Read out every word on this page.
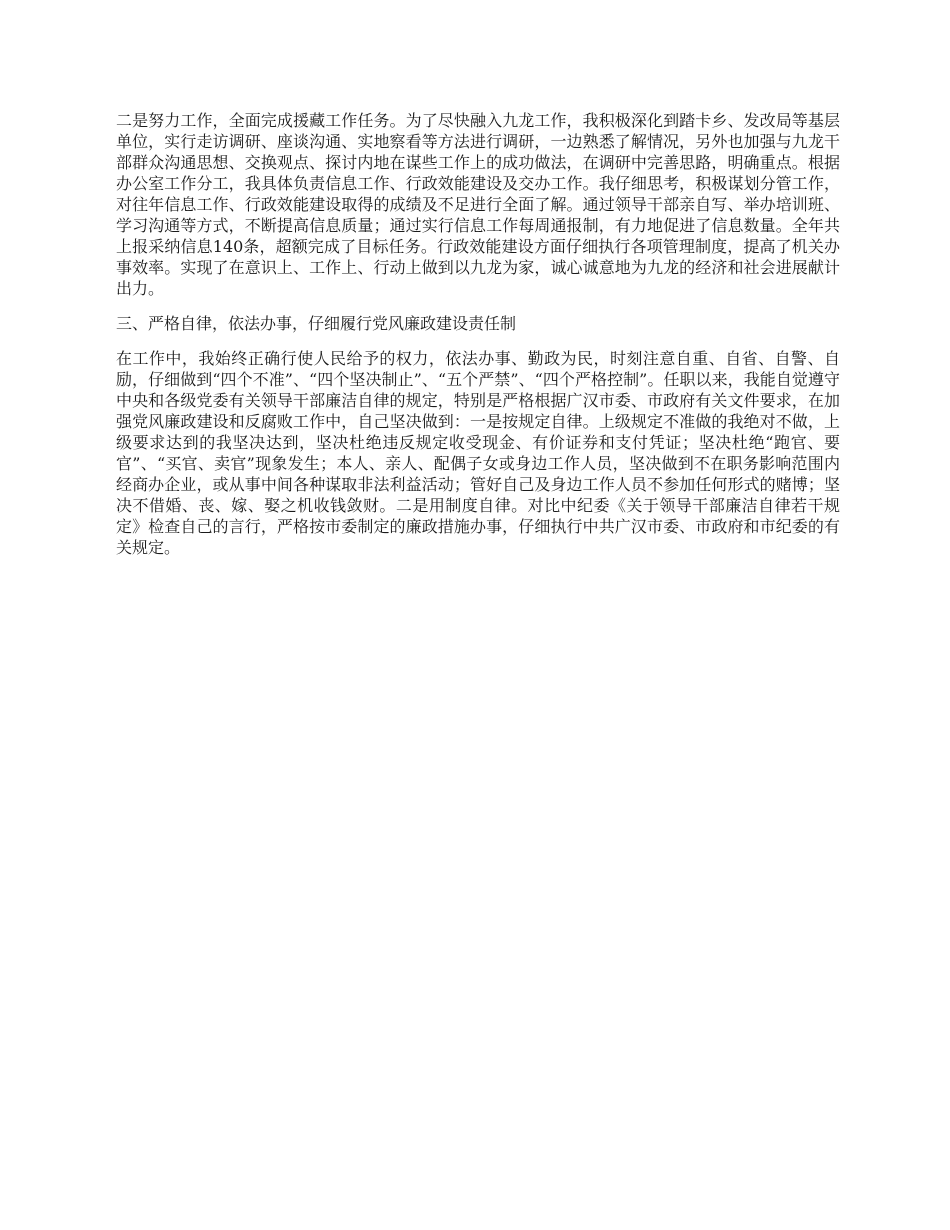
二是努力工作，全面完成援藏工作任务。为了尽快融入九龙工作，我积极深化到踏卡乡、发改局等基层单位，实行走访调研、座谈沟通、实地察看等方法进行调研，一边熟悉了解情况，另外也加强与九龙干部群众沟通思想、交换观点、探讨内地在谋些工作上的成功做法，在调研中完善思路，明确重点。根据办公室工作分工，我具体负责信息工作、行政效能建设及交办工作。我仔细思考，积极谋划分管工作，对往年信息工作、行政效能建设取得的成绩及不足进行全面了解。通过领导干部亲自写、举办培训班、学习沟通等方式，不断提高信息质量；通过实行信息工作每周通报制，有力地促进了信息数量。全年共上报采纳信息140条，超额完成了目标任务。行政效能建设方面仔细执行各项管理制度，提高了机关办事效率。实现了在意识上、工作上、行动上做到以九龙为家，诚心诚意地为九龙的经济和社会进展献计出力。

三、严格自律，依法办事，仔细履行党风廉政建设责任制

在工作中，我始终正确行使人民给予的权力，依法办事、勤政为民，时刻注意自重、自省、自警、自励，仔细做到“四个不准”、“四个坚决制止”、“五个严禁”、“四个严格控制”。任职以来，我能自觉遵守中央和各级党委有关领导干部廉洁自律的规定，特别是严格根据广汉市委、市政府有关文件要求，在加强党风廉政建设和反腐败工作中，自己坚决做到：一是按规定自律。上级规定不准做的我绝对不做，上级要求达到的我坚决达到，坚决杜绝违反规定收受现金、有价证券和支付凭证；坚决杜绝“跑官、要官”、“买官、卖官”现象发生；本人、亲人、配偶子女或身边工作人员，坚决做到不在职务影响范围内经商办企业，或从事中间各种谋取非法利益活动；管好自己及身边工作人员不参加任何形式的赌博；坚决不借婚、丧、嫁、娶之机收钱敛财。二是用制度自律。对比中纪委《关于领导干部廉洁自律若干规定》检查自己的言行，严格按市委制定的廉政措施办事，仔细执行中共广汉市委、市政府和市纪委的有关规定。
